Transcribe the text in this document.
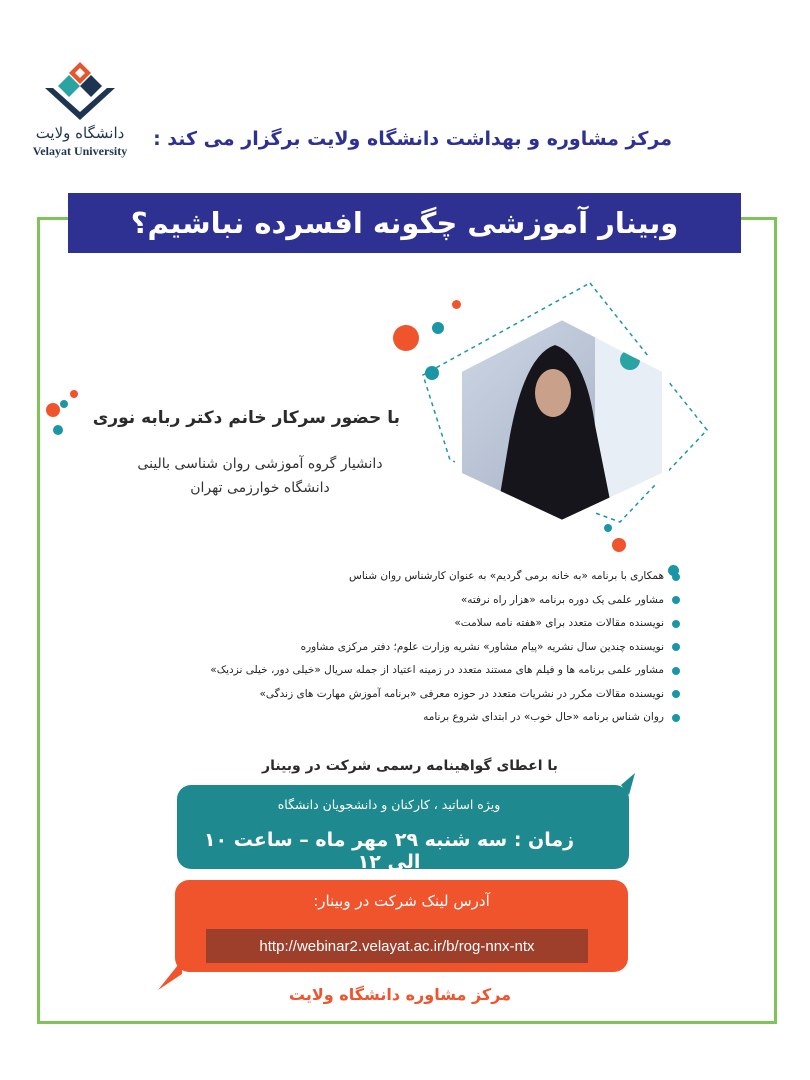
دانشگاه ولایت
Velayat University
مرکز مشاوره و بهداشت دانشگاه ولایت برگزار می کند :
وبینار آموزشی چگونه افسرده نباشیم؟
با حضور سرکار خانم دکتر ربابه نوری
دانشیار گروه آموزشی روان شناسی بالینی
دانشگاه خوارزمی تهران
همکاری با برنامه «به خانه برمی گردیم» به عنوان کارشناس روان شناس
مشاور علمی یک دوره برنامه «هزار راه نرفته»
نویسنده مقالات متعدد برای «هفته نامه سلامت»
نویسنده چندین سال نشریه «پیام مشاور» نشریه وزارت علوم؛ دفتر مرکزی مشاوره
مشاور علمی برنامه ها و فیلم های مستند متعدد در زمینه اعتیاد از جمله سریال «خیلی دور، خیلی نزدیک»
نویسنده مقالات مکرر در نشریات متعدد در حوزه معرفی «برنامه آموزش مهارت های زندگی»
روان شناس برنامه «حال خوب» در ابتدای شروع برنامه
با اعطای گواهینامه رسمی شرکت در وبینار
ویژه اساتید ، کارکنان و دانشجویان دانشگاه
زمان : سه شنبه ۲۹ مهر ماه – ساعت ۱۰ الی ۱۲
آدرس لینک شرکت در وبینار:
http://webinar2.velayat.ac.ir/b/rog-nnx-ntx
مرکز مشاوره دانشگاه ولایت
